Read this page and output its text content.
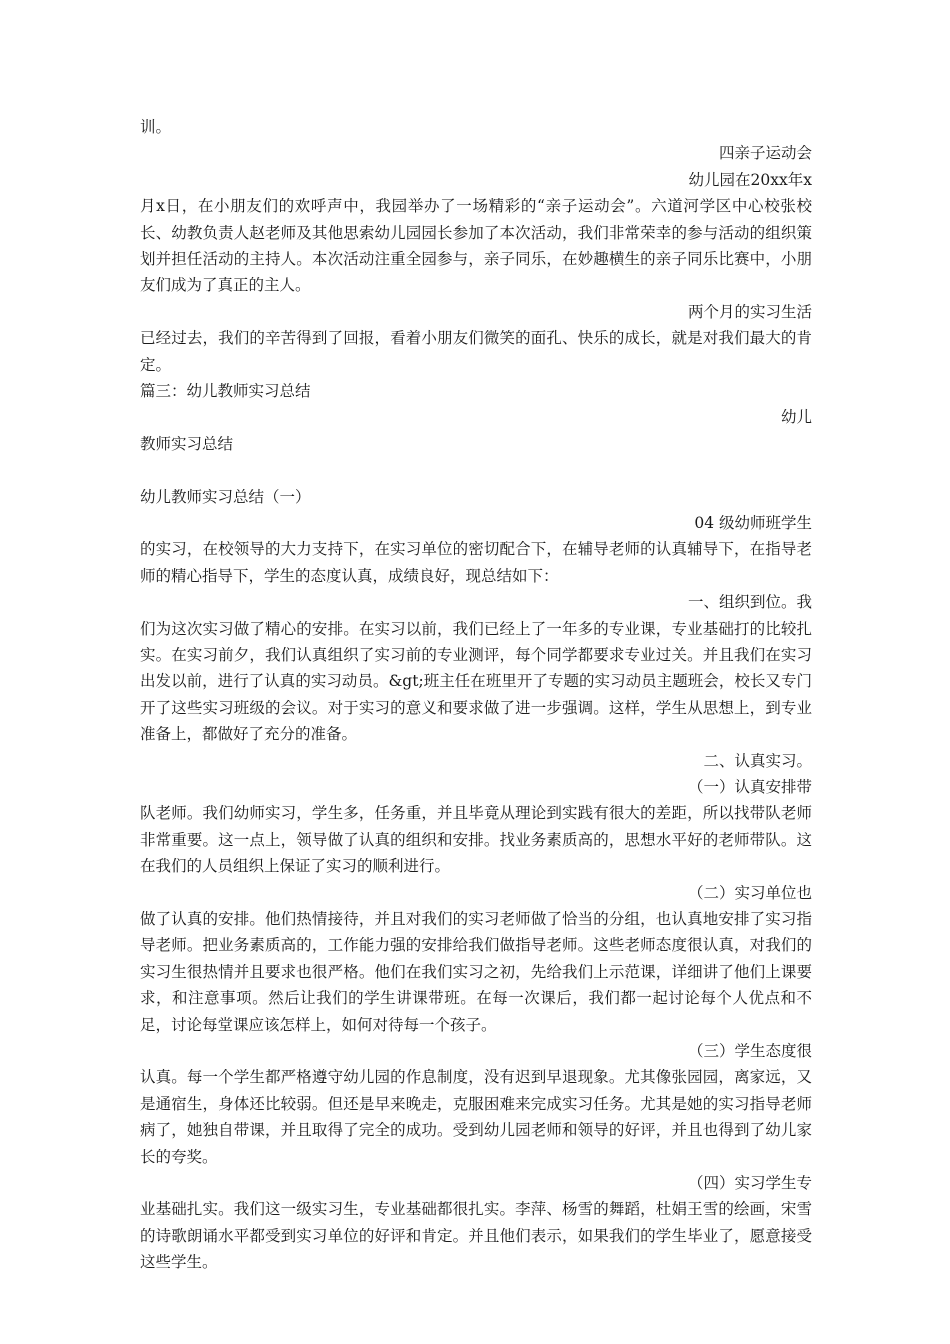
训。
四亲子运动会
幼儿园在20xx年x
月x日，在小朋友们的欢呼声中，我园举办了一场精彩的“亲子运动会”。六道河学区中心校张校长、幼教负责人赵老师及其他思索幼儿园园长参加了本次活动，我们非常荣幸的参与活动的组织策划并担任活动的主持人。本次活动注重全园参与，亲子同乐，在妙趣横生的亲子同乐比赛中，小朋友们成为了真正的主人。
两个月的实习生活
已经过去，我们的辛苦得到了回报，看着小朋友们微笑的面孔、快乐的成长，就是对我们最大的肯定。
篇三：幼儿教师实习总结
幼儿
教师实习总结
幼儿教师实习总结（一）
04 级幼师班学生
的实习，在校领导的大力支持下，在实习单位的密切配合下，在辅导老师的认真辅导下，在指导老师的精心指导下，学生的态度认真，成绩良好，现总结如下：
一、组织到位。我
们为这次实习做了精心的安排。在实习以前，我们已经上了一年多的专业课，专业基础打的比较扎实。在实习前夕，我们认真组织了实习前的专业测评，每个同学都要求专业过关。并且我们在实习出发以前，进行了认真的实习动员。&gt;班主任在班里开了专题的实习动员主题班会，校长又专门开了这些实习班级的会议。对于实习的意义和要求做了进一步强调。这样，学生从思想上，到专业准备上，都做好了充分的准备。
二、认真实习。
（一）认真安排带
队老师。我们幼师实习，学生多，任务重，并且毕竟从理论到实践有很大的差距，所以找带队老师非常重要。这一点上，领导做了认真的组织和安排。找业务素质高的，思想水平好的老师带队。这在我们的人员组织上保证了实习的顺利进行。
（二）实习单位也
做了认真的安排。他们热情接待，并且对我们的实习老师做了恰当的分组，也认真地安排了实习指导老师。把业务素质高的，工作能力强的安排给我们做指导老师。这些老师态度很认真，对我们的实习生很热情并且要求也很严格。他们在我们实习之初，先给我们上示范课，详细讲了他们上课要求，和注意事项。然后让我们的学生讲课带班。在每一次课后，我们都一起讨论每个人优点和不足，讨论每堂课应该怎样上，如何对待每一个孩子。
（三）学生态度很
认真。每一个学生都严格遵守幼儿园的作息制度，没有迟到早退现象。尤其像张园园，离家远，又是通宿生，身体还比较弱。但还是早来晚走，克服困难来完成实习任务。尤其是她的实习指导老师病了，她独自带课，并且取得了完全的成功。受到幼儿园老师和领导的好评，并且也得到了幼儿家长的夸奖。
（四）实习学生专
业基础扎实。我们这一级实习生，专业基础都很扎实。李萍、杨雪的舞蹈，杜娟王雪的绘画，宋雪的诗歌朗诵水平都受到实习单位的好评和肯定。并且他们表示，如果我们的学生毕业了，愿意接受这些学生。
